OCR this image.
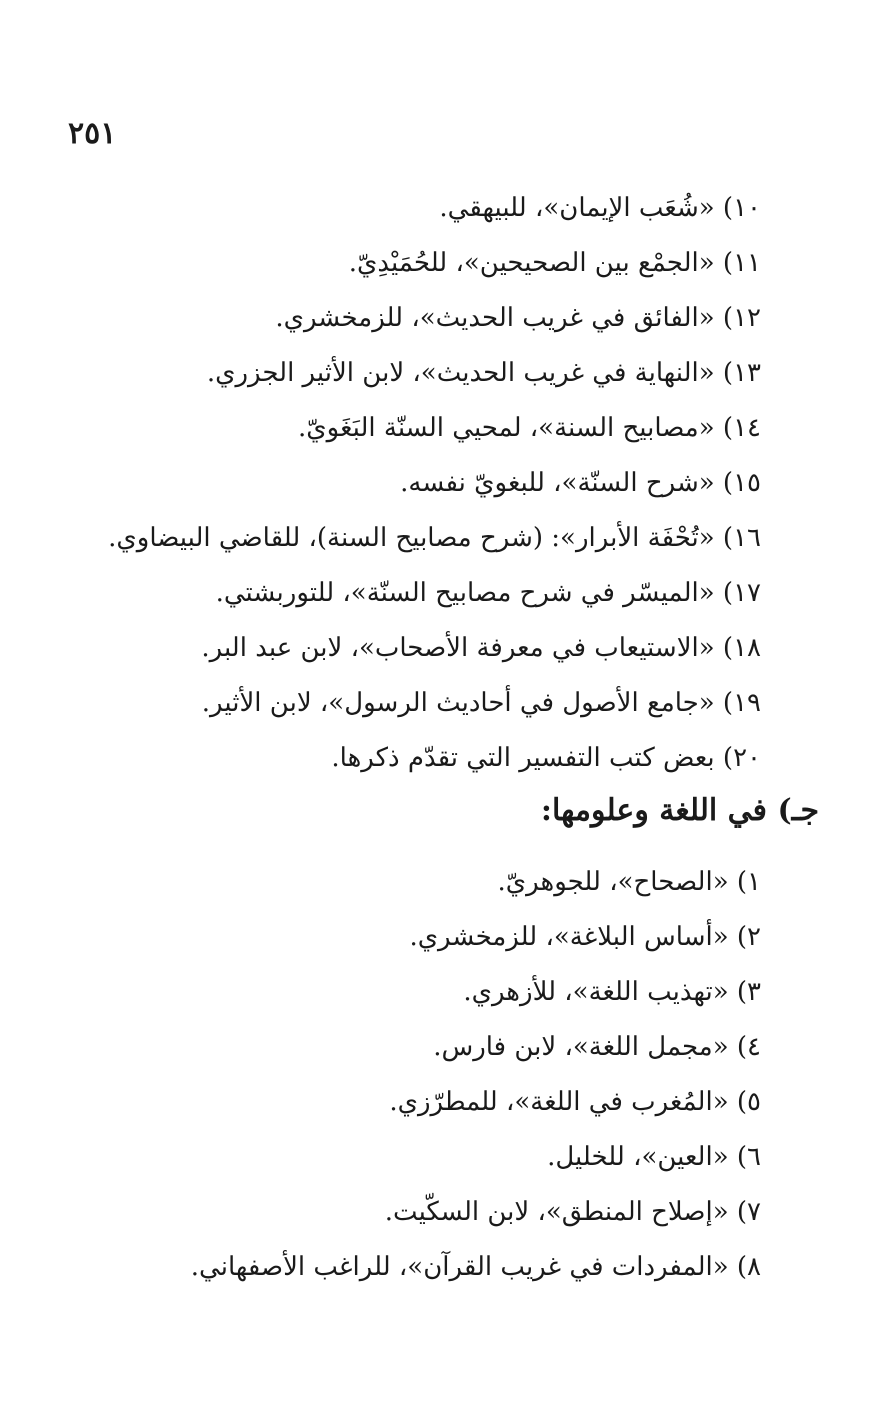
٢٥١
١٠) «شُعَب الإيمان»، للبيهقي.
١١) «الجمْع بين الصحيحين»، للحُمَيْدِيّ.
١٢) «الفائق في غريب الحديث»، للزمخشري.
١٣) «النهاية في غريب الحديث»، لابن الأثير الجزري.
١٤) «مصابيح السنة»، لمحيي السنّة البَغَويّ.
١٥) «شرح السنّة»، للبغويّ نفسه.
١٦) «تُحْفَة الأبرار»: (شرح مصابيح السنة)، للقاضي البيضاوي.
١٧) «الميسّر في شرح مصابيح السنّة»، للتوربشتي.
١٨) «الاستيعاب في معرفة الأصحاب»، لابن عبد البر.
١٩) «جامع الأصول في أحاديث الرسول»، لابن الأثير.
٢٠) بعض كتب التفسير التي تقدّم ذكرها.
جـ) في اللغة وعلومها:
١) «الصحاح»، للجوهريّ.
٢) «أساس البلاغة»، للزمخشري.
٣) «تهذيب اللغة»، للأزهري.
٤) «مجمل اللغة»، لابن فارس.
٥) «المُغرب في اللغة»، للمطرّزي.
٦) «العين»، للخليل.
٧) «إصلاح المنطق»، لابن السكّيت.
٨) «المفردات في غريب القرآن»، للراغب الأصفهاني.
